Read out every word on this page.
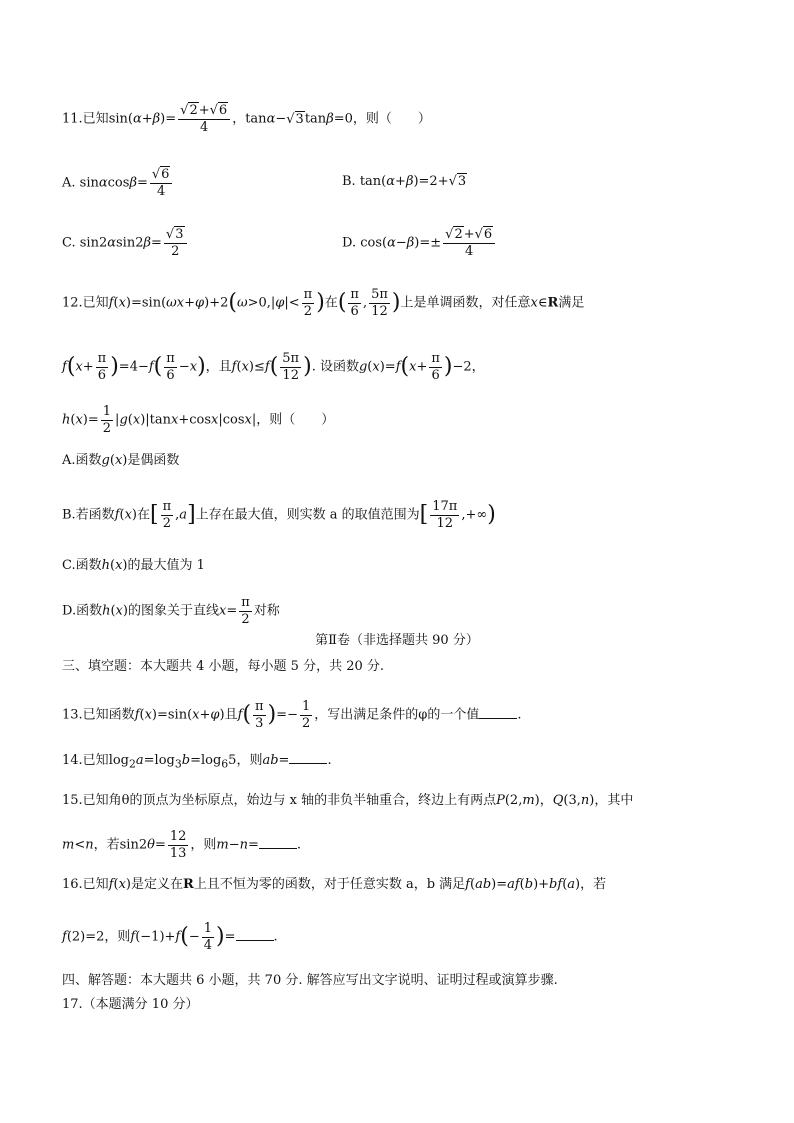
11.已知sin(α+β)= √ $\frac{2+ √ 6}{4}$ ，tanα− √ 3tanβ=0，则（　　）
A. sinαcosβ= √ $\frac{6}{4}$	B. tan(α+β)=2+ √ 3
C. sin2αsin2β= √ $\frac{3}{2}$	D. cos(α−β)=± √ $\frac{2+ √ 6}{4}$
12.已知$f(x)=\sin(\omega x+\varphi)+2(\omega>0,|\varphi|< \frac{\pi}{2}$ )在( $\frac{\pi}{6}$ , $\frac{5\pi}{12}$ )上是单调函数，对任意x∈R满足
$f(x+ \frac{\pi}{6} )=4-f( \frac{\pi}{6} -x)$，且$f(x)\le f( \frac{5\pi}{12}$ ). 设函数$g(x)=f(x+ \frac{\pi}{6} )-2$，
$h(x)= \frac{1}{2} |g(x)|\tan x+\cos x|\cos x|$，则（　　）
A.函数g(x)是偶函数
B.若函数f(x)在[ $\frac{\pi}{2} ,a$]上存在最大值，则实数 a 的取值范围为[ $\frac{17\pi}{12}$ ,+∞)
C.函数h(x)的最大值为 1
D.函数h(x)的图象关于直线$x= \frac{\pi}{2}$ 对称
第Ⅱ卷（非选择题共 90 分）
三、填空题：本大题共 4 小题，每小题 5 分，共 20 分.
13.已知函数f(x)=sin(x+φ)且$f( \frac{\pi}{3}$ )=− $\frac{1}{2}$ ，写出满足条件的φ的一个值	.
14.已知$\log_2a=\log_3b=\log_65$，则ab=	.
15.已知角θ的顶点为坐标原点，始边与 x 轴的非负半轴重合，终边上有两点P(2,m)，Q(3,n)，其中
m<n，若$\sin 2\theta= \frac{12}{13}$ ，则m−n=	.
16.已知f(x)是定义在R上且不恒为零的函数，对于任意实数 a，b 满足f(ab)=af(b)+bf(a)，若
f(2)=2，则$f(-1)+f(- \frac{1}{4}$ )=	.
四、解答题：本大题共 6 小题，共 70 分. 解答应写出文字说明、证明过程或演算步骤.
17.（本题满分 10 分）
